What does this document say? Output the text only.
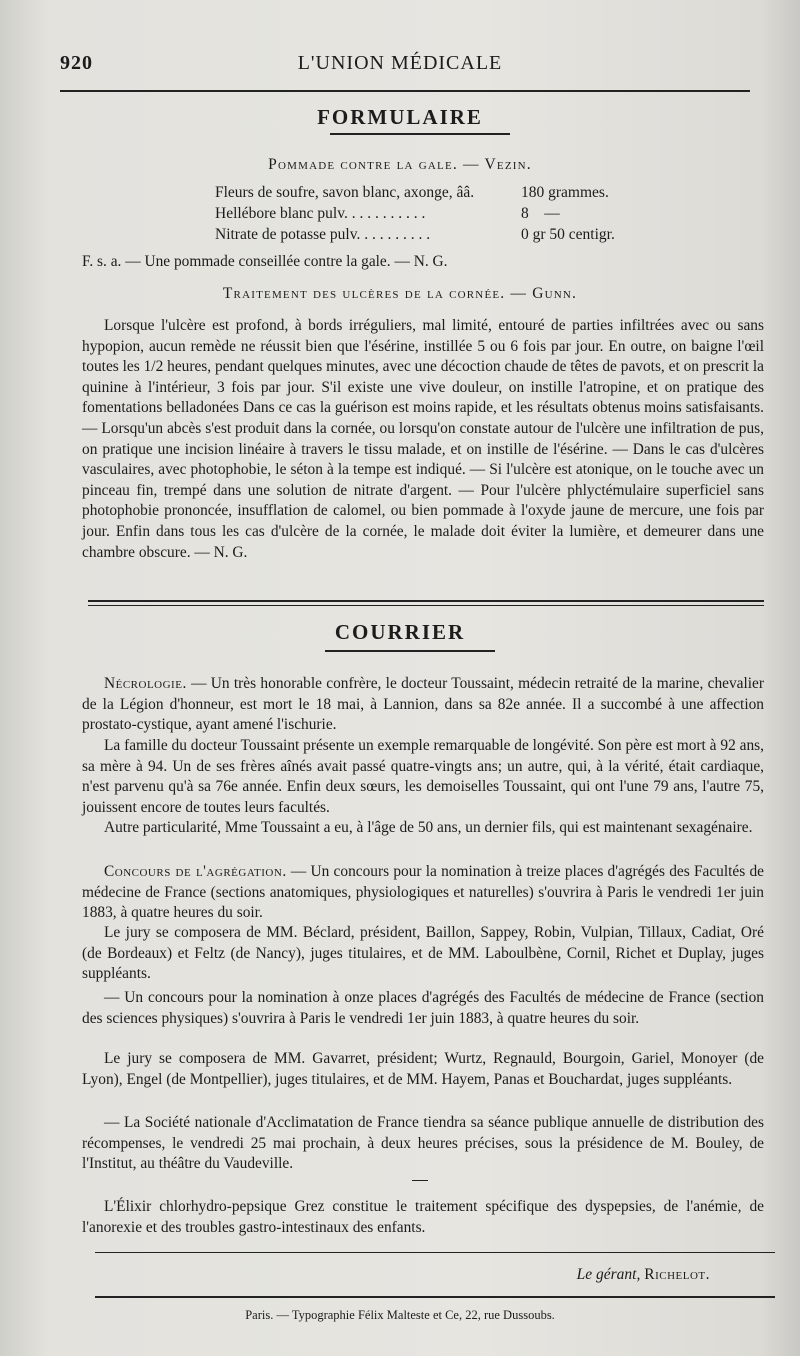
920	L'UNION MÉDICALE
FORMULAIRE
Pommade contre la gale. — Vezin.
Fleurs de soufre, savon blanc, axonge, ââ.	180 grammes.
Hellébore blanc pulv. . . . . . . . . . .	8    —
Nitrate de potasse pulv. . . . . . . . . .	0 gr 50 centigr.

F. s. a. — Une pommade conseillée contre la gale. — N. G.

Traitement des ulcères de la cornée. — Gunn.

Lorsque l'ulcère est profond, à bords irréguliers, mal limité, entouré de parties infiltrées avec ou sans hypopion, aucun remède ne réussit bien que l'ésérine, instillée 5 ou 6 fois par jour. En outre, on baigne l'œil toutes les 1/2 heures, pendant quelques minutes, avec une décoction chaude de têtes de pavots, et on prescrit la quinine à l'intérieur, 3 fois par jour. S'il existe une vive douleur, on instille l'atropine, et on pratique des fomentations belladonées Dans ce cas la guérison est moins rapide, et les résultats obtenus moins satisfaisants. — Lorsqu'un abcès s'est produit dans la cornée, ou lorsqu'on constate autour de l'ulcère une infiltration de pus, on pratique une incision linéaire à travers le tissu malade, et on instille de l'ésérine. — Dans le cas d'ulcères vasculaires, avec photophobie, le séton à la tempe est indiqué. — Si l'ulcère est atonique, on le touche avec un pinceau fin, trempé dans une solution de nitrate d'argent. — Pour l'ulcère phlyctémulaire superficiel sans photophobie prononcée, insufflation de calomel, ou bien pommade à l'oxyde jaune de mercure, une fois par jour. Enfin dans tous les cas d'ulcère de la cornée, le malade doit éviter la lumière, et demeurer dans une chambre obscure. — N. G.

COURRIER

Nécrologie. — Un très honorable confrère, le docteur Toussaint, médecin retraité de la marine, chevalier de la Légion d'honneur, est mort le 18 mai, à Lannion, dans sa 82e année. Il a succombé à une affection prostato-cystique, ayant amené l'ischurie.

La famille du docteur Toussaint présente un exemple remarquable de longévité. Son père est mort à 92 ans, sa mère à 94. Un de ses frères aînés avait passé quatre-vingts ans; un autre, qui, à la vérité, était cardiaque, n'est parvenu qu'à sa 76e année. Enfin deux sœurs, les demoiselles Toussaint, qui ont l'une 79 ans, l'autre 75, jouissent encore de toutes leurs facultés.

Autre particularité, Mme Toussaint a eu, à l'âge de 50 ans, un dernier fils, qui est maintenant sexagénaire.

Concours de l'agrégation. — Un concours pour la nomination à treize places d'agrégés des Facultés de médecine de France (sections anatomiques, physiologiques et naturelles) s'ouvrira à Paris le vendredi 1er juin 1883, à quatre heures du soir.

Le jury se composera de MM. Béclard, président, Baillon, Sappey, Robin, Vulpian, Tillaux, Cadiat, Oré (de Bordeaux) et Feltz (de Nancy), juges titulaires, et de MM. Laboulbène, Cornil, Richet et Duplay, juges suppléants.

— Un concours pour la nomination à onze places d'agrégés des Facultés de médecine de France (section des sciences physiques) s'ouvrira à Paris le vendredi 1er juin 1883, à quatre heures du soir.

Le jury se composera de MM. Gavarret, président; Wurtz, Regnauld, Bourgoin, Gariel, Monoyer (de Lyon), Engel (de Montpellier), juges titulaires, et de MM. Hayem, Panas et Bouchardat, juges suppléants.

— La Société nationale d'Acclimatation de France tiendra sa séance publique annuelle de distribution des récompenses, le vendredi 25 mai prochain, à deux heures précises, sous la présidence de M. Bouley, de l'Institut, au théâtre du Vaudeville.

L'Élixir chlorhydro-pepsique Grez constitue le traitement spécifique des dyspepsies, de l'anémie, de l'anorexie et des troubles gastro-intestinaux des enfants.

Le gérant, Richelot.
Paris. — Typographie Félix Malteste et Ce, 22, rue Dussoubs.
